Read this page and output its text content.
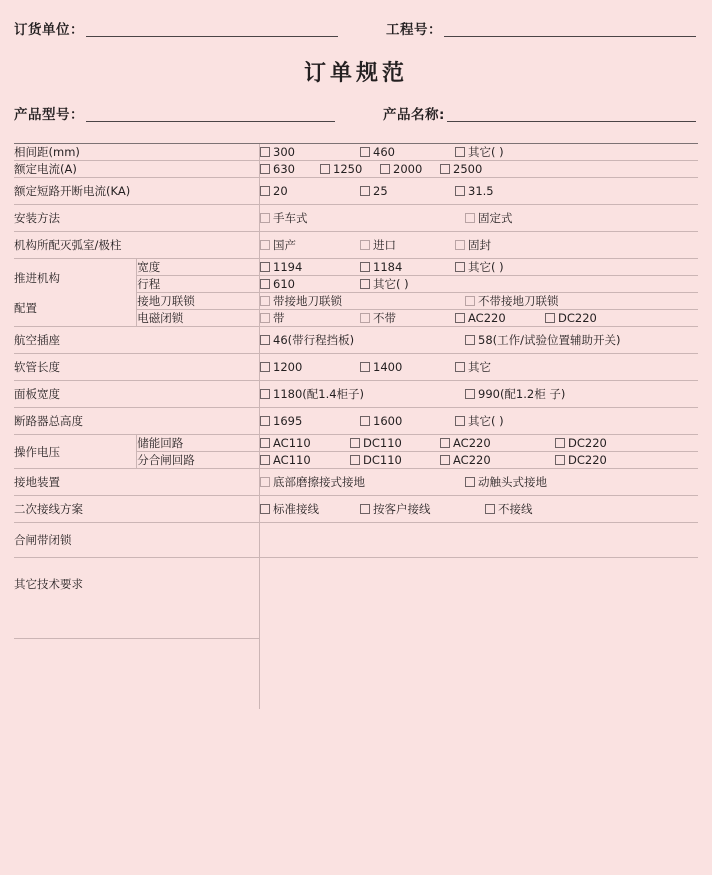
订货单位：	工程号：
订单规范
产品型号：	产品名称:
相间距(mm)		300 460 其它( )

额定电流(A)		630 1250 2000 2500

额定短路开断电流(KA)		20 25 31.5

安装方法		手车式 固定式

机构所配灭弧室/极柱		国产 进口 固封

推进机构
配置
	宽度	1194	1184	其它( )

	行程	610 其它( )

	接地刀联锁	带接地刀联锁 不带接地刀联锁

	电磁闭锁	带 不带 AC220 DC220

航空插座		46(带行程挡板) 58(工作/试验位置辅助开关)

软管长度		1200 1400 其它

面板宽度		1180(配1.4柜子) 990(配1.2柜 子)

断路器总高度		1695 1600 其它( )

操作电压	储能回路	AC110 DC110 AC220 DC220

	分合闸回路	AC110 DC110 AC220 DC220

接地装置		底部磨擦接式接地 动触头式接地

二次接线方案		标准接线 按客户接线 不接线

合闸带闭锁		
其它技术要求		
